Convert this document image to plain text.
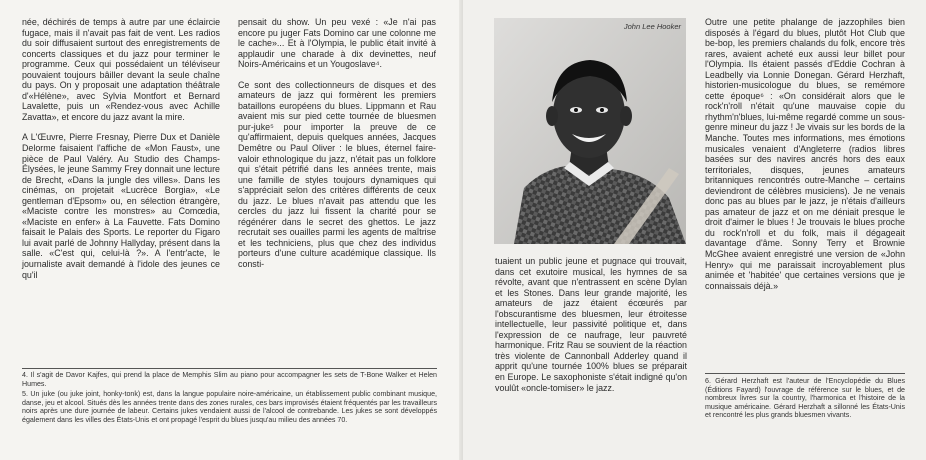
née, déchirés de temps à autre par une éclaircie fugace, mais il n'avait pas fait de vent. Les radios du soir diffusaient surtout des enregistrements de concerts classiques et du jazz pour terminer le programme. Ceux qui possédaient un téléviseur pouvaient toujours bâiller devant la seule chaîne du pays. On y proposait une adaptation théâtrale d'«Hélène», avec Sylvia Montfort et Bernard Lavalette, puis un «Rendez-vous avec Achille Zavatta», et encore du jazz avant la mire.

A L'Œuvre, Pierre Fresnay, Pierre Dux et Danièle Delorme faisaient l'affiche de «Mon Faust», une pièce de Paul Valéry. Au Studio des Champs-Élysées, le jeune Sammy Frey donnait une lecture de Brecht, «Dans la jungle des villes». Dans les cinémas, on projetait «Lucrèce Borgia», «Le gentleman d'Epsom» ou, en sélection étrangère, «Maciste contre les monstres» au Comœdia, «Maciste en enfer» à La Fauvette. Fats Domino faisait le Palais des Sports. Le reporter du Figaro lui avait parlé de Johnny Hallyday, présent dans la salle. «C'est qui, celui-là ?». A l'entr'acte, le journaliste avait demandé à l'idole des jeunes ce qu'il

pensait du show. Un peu vexé : «Je n'ai pas encore pu juger Fats Domino car une colonne me le cache»... Et à l'Olympia, le public était invité à applaudir une charade à dix devinettes, neuf Noirs-Américains et un Yougoslave⁴.

Ce sont des collectionneurs de disques et des amateurs de jazz qui formèrent les premiers bataillons européens du blues. Lippmann et Rau avaient mis sur pied cette tournée de bluesmen pur-juke⁵ pour importer la preuve de ce qu'affirmaient, depuis quelques années, Jacques Demêtre ou Paul Oliver : le blues, éternel faire-valoir ethnologique du jazz, n'était pas un folklore qui s'était pétrifié dans les années trente, mais une famille de styles toujours dynamiques qui s'appréciait selon des critères différents de ceux du jazz. Le blues n'avait pas attendu que les cercles du jazz lui fissent la charité pour se régénérer dans le secret des ghettos. Le jazz recrutait ses ouailles parmi les agents de maîtrise et les techniciens, plus que chez des individus porteurs d'une culture académique classique. Ils consti-

4. Il s'agit de Davor Kajfes, qui prend la place de Memphis Slim au piano pour accompagner les sets de T-Bone Walker et Helen Humes.

5. Un juke (ou juke joint, honky-tonk) est, dans la langue populaire noire-américaine, un établissement public combinant musique, danse, jeu et alcool. Situés dès les années trente dans des zones rurales, ces bars improvisés étaient fréquentés par les travailleurs noirs après une dure journée de labeur. Certains jukes vendaient aussi de l'alcool de contrebande. Les jukes se sont développés également dans les villes des États-Unis et ont propagé l'esprit du blues jusqu'au milieu des années 70.

John Lee Hooker

tuaient un public jeune et pugnace qui trouvait, dans cet exutoire musical, les hymnes de sa révolte, avant que n'entrassent en scène Dylan et les Stones. Dans leur grande majorité, les amateurs de jazz étaient écœurés par l'obscurantisme des bluesmen, leur étroitesse intellectuelle, leur passivité politique et, dans l'expression de ce naufrage, leur pauvreté harmonique. Fritz Rau se souvient de la réaction très violente de Cannonball Adderley quand il apprit qu'une tournée 100% blues se préparait en Europe. Le saxophoniste s'était indigné qu'on voulût «oncle-tomiser» le jazz.

Outre une petite phalange de jazzophiles bien disposés à l'égard du blues, plutôt Hot Club que be-bop, les premiers chalands du folk, encore très rares, avaient acheté eux aussi leur billet pour l'Olympia. Ils étaient passés d'Eddie Cochran à Leadbelly via Lonnie Donegan. Gérard Herzhaft, historien-musicologue du blues, se remémore cette époque⁶ : «On considérait alors que le rock'n'roll n'était qu'une mauvaise copie du rhythm'n'blues, lui-même regardé comme un sous-genre mineur du jazz ! Je vivais sur les bords de la Manche. Toutes mes informations, mes émotions musicales venaient d'Angleterre (radios libres basées sur des navires ancrés hors des eaux territoriales, disques, jeunes amateurs britanniques rencontrés outre-Manche – certains deviendront de célèbres musiciens). Je ne venais donc pas au blues par le jazz, je n'étais d'ailleurs pas amateur de jazz et on me déniait presque le droit d'aimer le blues ! Je trouvais le blues proche du rock'n'roll et du folk, mais il dégageait davantage d'âme. Sonny Terry et Brownie McGhee avaient enregistré une version de «John Henry» qui me paraissait incroyablement plus animée et 'habitée' que certaines versions que je connaissais déjà.»

6. Gérard Herzhaft est l'auteur de l'Encyclopédie du Blues (Éditions Fayard) l'ouvrage de référence sur le blues, et de nombreux livres sur la country, l'harmonica et l'histoire de la musique américaine. Gérard Herzhaft a sillonné les États-Unis et rencontré les plus grands bluesmen vivants.
